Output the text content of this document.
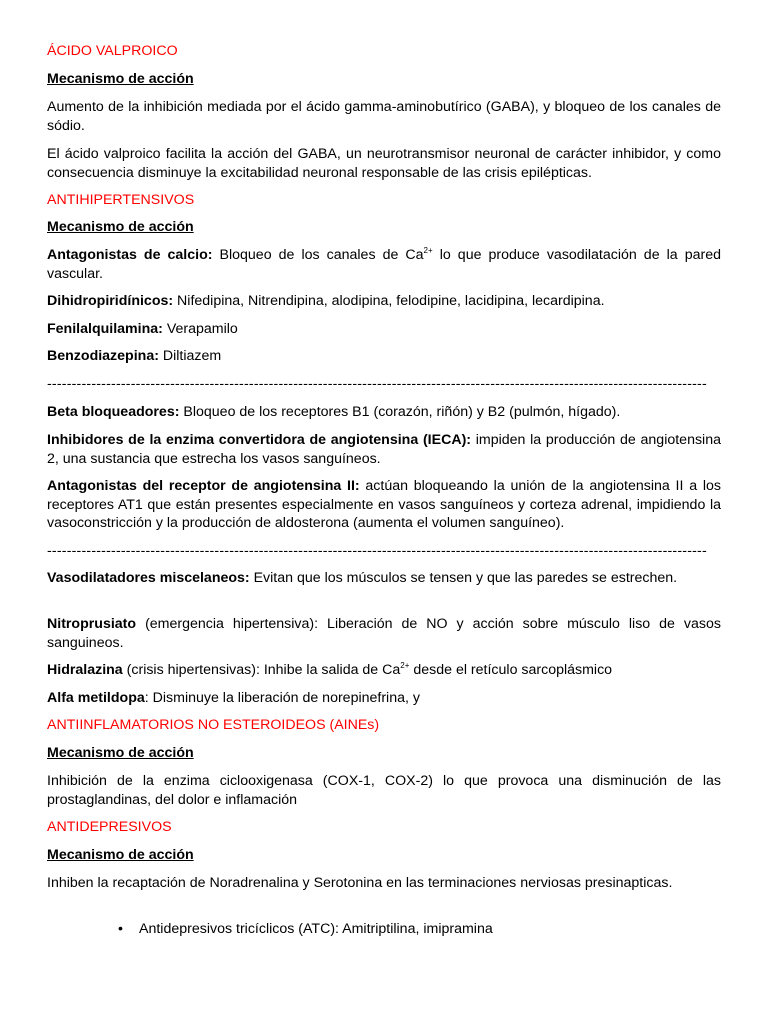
ÁCIDO VALPROICO
Mecanismo de acción
Aumento de la inhibición mediada por el ácido gamma-aminobutírico (GABA), y bloqueo de los canales de sódio.
El ácido valproico facilita la acción del GABA, un neurotransmisor neuronal de carácter inhibidor, y como consecuencia disminuye la excitabilidad neuronal responsable de las crisis epilépticas.
ANTIHIPERTENSIVOS
Mecanismo de acción
Antagonistas de calcio: Bloqueo de los canales de $Ca^{2+}$ lo que produce vasodilatación de la pared vascular.
Dihidropiridínicos: Nifedipina, Nitrendipina, alodipina, felodipine, lacidipina, lecardipina.
Fenilalquilamina: Verapamilo
Benzodiazepina: Diltiazem
--------------------------------------------------------------------------------------------------------------------------------------
Beta bloqueadores: Bloqueo de los receptores B1 (corazón, riñón) y B2 (pulmón, hígado).
Inhibidores de la enzima convertidora de angiotensina (IECA): impiden la producción de angiotensina 2, una sustancia que estrecha los vasos sanguíneos.
Antagonistas del receptor de angiotensina II: actúan bloqueando la unión de la angiotensina II a los receptores AT1 que están presentes especialmente en vasos sanguíneos y corteza adrenal, impidiendo la vasoconstricción y la producción de aldosterona (aumenta el volumen sanguíneo).
--------------------------------------------------------------------------------------------------------------------------------------
Vasodilatadores miscelaneos: Evitan que los músculos se tensen y que las paredes se estrechen.
Nitroprusiato (emergencia hipertensiva): Liberación de NO y acción sobre músculo liso de vasos sanguineos.
Hidralazina (crisis hipertensivas): Inhibe la salida de $Ca^{2+}$ desde el retículo sarcoplásmico
Alfa metildopa: Disminuye la liberación de norepinefrina, y
ANTIINFLAMATORIOS NO ESTEROIDEOS (AINEs)
Mecanismo de acción
Inhibición de la enzima ciclooxigenasa (COX-1, COX-2) lo que provoca una disminución de las prostaglandinas, del dolor e inflamación
ANTIDEPRESIVOS
Mecanismo de acción
Inhiben la recaptación de Noradrenalina y Serotonina en las terminaciones nerviosas presinapticas.
• Antidepresivos tricíclicos (ATC): Amitriptilina, imipramina
